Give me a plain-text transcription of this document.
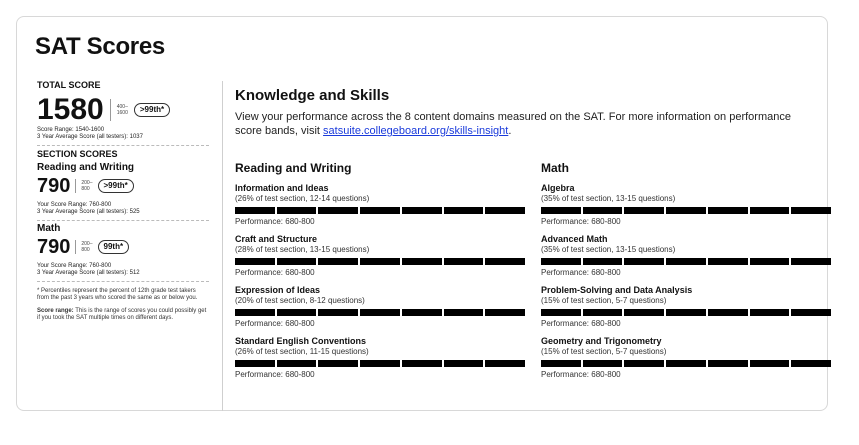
SAT Scores
TOTAL SCORE
1580	400–
1600	>99th*
Score Range: 1540-1600
3 Year Average Score (all testers): 1037
SECTION SCORES
Reading and Writing
790 200–
800	>99th*
Your Score Range: 760-800
3 Year Average Score (all testers): 525
Math
790 200–
800	99th*
Your Score Range: 760-800
3 Year Average Score (all testers): 512
* Percentiles represent the percent of 12th grade test takers from the past 3 years who scored the same as or below you.
Score range: This is the range of scores you could possibly get if you took the SAT multiple times on different days.
Knowledge and Skills
View your performance across the 8 content domains measured on the SAT. For more information on performance score bands, visit satsuite.collegeboard.org/skills-insight.
Reading and Writing
Information and Ideas
(26% of test section, 12-14 questions)
Performance: 680-800
Craft and Structure
(28% of test section, 13-15 questions)
Performance: 680-800
Expression of Ideas
(20% of test section, 8-12 questions)
Performance: 680-800
Standard English Conventions
(26% of test section, 11-15 questions)
Performance: 680-800
Math
Algebra
(35% of test section, 13-15 questions)
Performance: 680-800
Advanced Math
(35% of test section, 13-15 questions)
Performance: 680-800
Problem-Solving and Data Analysis
(15% of test section, 5-7 questions)
Performance: 680-800
Geometry and Trigonometry
(15% of test section, 5-7 questions)
Performance: 680-800
